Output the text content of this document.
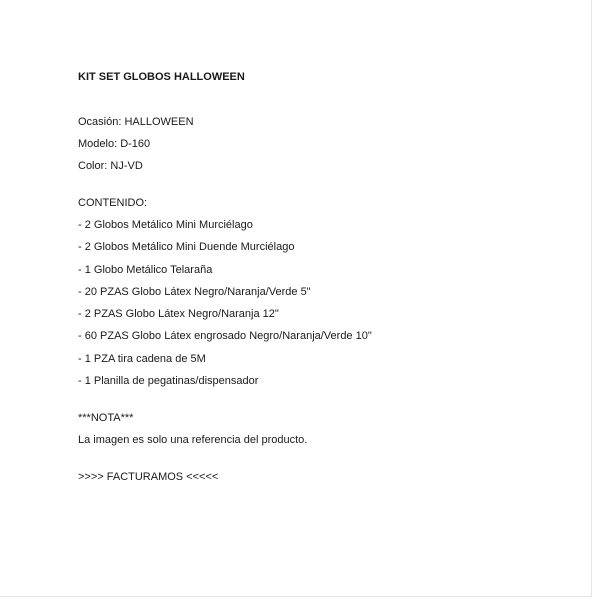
KIT SET GLOBOS HALLOWEEN

Ocasión: HALLOWEEN

Modelo: D-160

Color: NJ-VD

CONTENIDO:

- 2 Globos Metálico Mini Murciélago
- 2 Globos Metálico Mini Duende Murciélago
- 1 Globo Metálico Telaraña
- 20 PZAS Globo Látex Negro/Naranja/Verde 5"
- 2 PZAS Globo Látex Negro/Naranja 12"
- 60 PZAS Globo Látex engrosado Negro/Naranja/Verde 10"
- 1 PZA tira cadena de 5M
- 1 Planilla de pegatinas/dispensador

***NOTA***

La imagen es solo una referencia del producto.

>>>> FACTURAMOS <<<<<
